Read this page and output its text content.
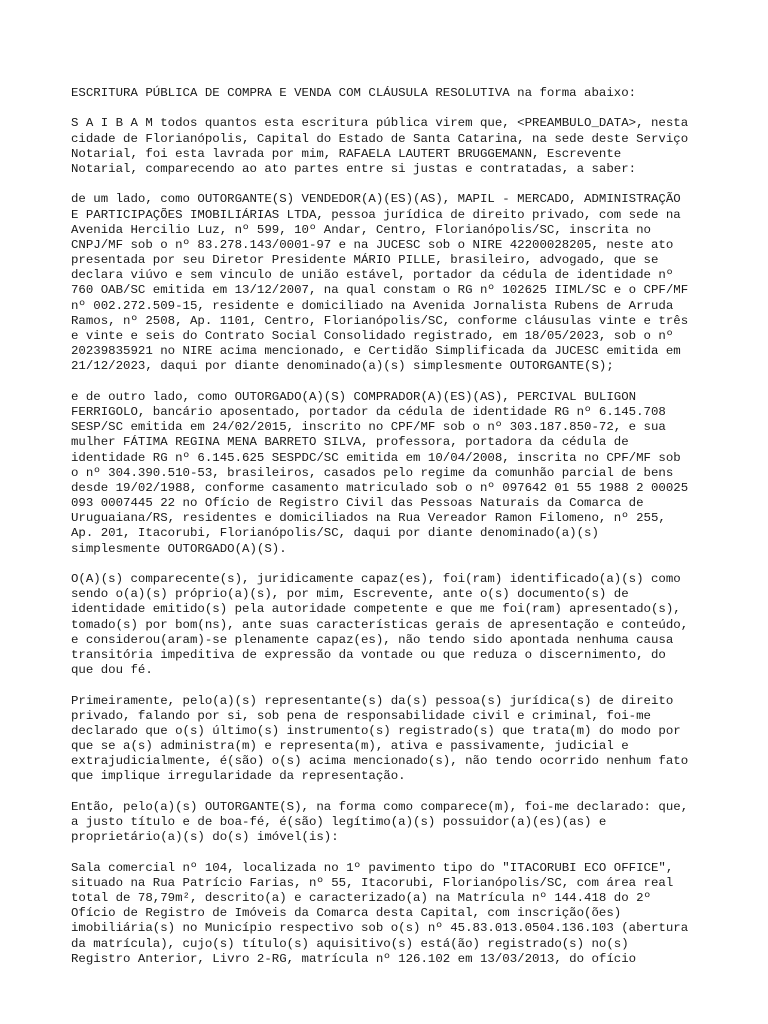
ESCRITURA PÚBLICA DE COMPRA E VENDA COM CLÁUSULA RESOLUTIVA na forma abaixo:
S A I B A M todos quantos esta escritura pública virem que, <PREAMBULO_DATA>, nesta
cidade de Florianópolis, Capital do Estado de Santa Catarina, na sede deste Serviço
Notarial, foi esta lavrada por mim, RAFAELA LAUTERT BRUGGEMANN, Escrevente
Notarial, comparecendo ao ato partes entre si justas e contratadas, a saber:
de um lado, como OUTORGANTE(S) VENDEDOR(A)(ES)(AS), MAPIL - MERCADO, ADMINISTRAÇÃO
E PARTICIPAÇÕES IMOBILIÁRIAS LTDA, pessoa jurídica de direito privado, com sede na
Avenida Hercilio Luz, nº 599, 10º Andar, Centro, Florianópolis/SC, inscrita no
CNPJ/MF sob o nº 83.278.143/0001-97 e na JUCESC sob o NIRE 42200028205, neste ato
presentada por seu Diretor Presidente MÁRIO PILLE, brasileiro, advogado, que se
declara viúvo e sem vinculo de união estável, portador da cédula de identidade nº
760 OAB/SC emitida em 13/12/2007, na qual constam o RG nº 102625 IIML/SC e o CPF/MF
nº 002.272.509-15, residente e domiciliado na Avenida Jornalista Rubens de Arruda
Ramos, nº 2508, Ap. 1101, Centro, Florianópolis/SC, conforme cláusulas vinte e três
e vinte e seis do Contrato Social Consolidado registrado, em 18/05/2023, sob o nº
20239835921 no NIRE acima mencionado, e Certidão Simplificada da JUCESC emitida em
21/12/2023, daqui por diante denominado(a)(s) simplesmente OUTORGANTE(S);
e de outro lado, como OUTORGADO(A)(S) COMPRADOR(A)(ES)(AS), PERCIVAL BULIGON
FERRIGOLO, bancário aposentado, portador da cédula de identidade RG nº 6.145.708
SESP/SC emitida em 24/02/2015, inscrito no CPF/MF sob o nº 303.187.850-72, e sua
mulher FÁTIMA REGINA MENA BARRETO SILVA, professora, portadora da cédula de
identidade RG nº 6.145.625 SESPDC/SC emitida em 10/04/2008, inscrita no CPF/MF sob
o nº 304.390.510-53, brasileiros, casados pelo regime da comunhão parcial de bens
desde 19/02/1988, conforme casamento matriculado sob o nº 097642 01 55 1988 2 00025
093 0007445 22 no Ofício de Registro Civil das Pessoas Naturais da Comarca de
Uruguaiana/RS, residentes e domiciliados na Rua Vereador Ramon Filomeno, nº 255,
Ap. 201, Itacorubi, Florianópolis/SC, daqui por diante denominado(a)(s)
simplesmente OUTORGADO(A)(S).
O(A)(s) comparecente(s), juridicamente capaz(es), foi(ram) identificado(a)(s) como
sendo o(a)(s) próprio(a)(s), por mim, Escrevente, ante o(s) documento(s) de
identidade emitido(s) pela autoridade competente e que me foi(ram) apresentado(s),
tomado(s) por bom(ns), ante suas características gerais de apresentação e conteúdo,
e considerou(aram)-se plenamente capaz(es), não tendo sido apontada nenhuma causa
transitória impeditiva de expressão da vontade ou que reduza o discernimento, do
que dou fé.
Primeiramente, pelo(a)(s) representante(s) da(s) pessoa(s) jurídica(s) de direito
privado, falando por si, sob pena de responsabilidade civil e criminal, foi-me
declarado que o(s) último(s) instrumento(s) registrado(s) que trata(m) do modo por
que se a(s) administra(m) e representa(m), ativa e passivamente, judicial e
extrajudicialmente, é(são) o(s) acima mencionado(s), não tendo ocorrido nenhum fato
que implique irregularidade da representação.
Então, pelo(a)(s) OUTORGANTE(S), na forma como comparece(m), foi-me declarado: que,
a justo título e de boa-fé, é(são) legítimo(a)(s) possuidor(a)(es)(as) e
proprietário(a)(s) do(s) imóvel(is):
Sala comercial nº 104, localizada no 1º pavimento tipo do "ITACORUBI ECO OFFICE",
situado na Rua Patrício Farias, nº 55, Itacorubi, Florianópolis/SC, com área real
total de 78,79m², descrito(a) e caracterizado(a) na Matrícula nº 144.418 do 2º
Ofício de Registro de Imóveis da Comarca desta Capital, com inscrição(ões)
imobiliária(s) no Município respectivo sob o(s) nº 45.83.013.0504.136.103 (abertura
da matrícula), cujo(s) título(s) aquisitivo(s) está(ão) registrado(s) no(s)
Registro Anterior, Livro 2-RG, matrícula nº 126.102 em 13/03/2013, do ofício
